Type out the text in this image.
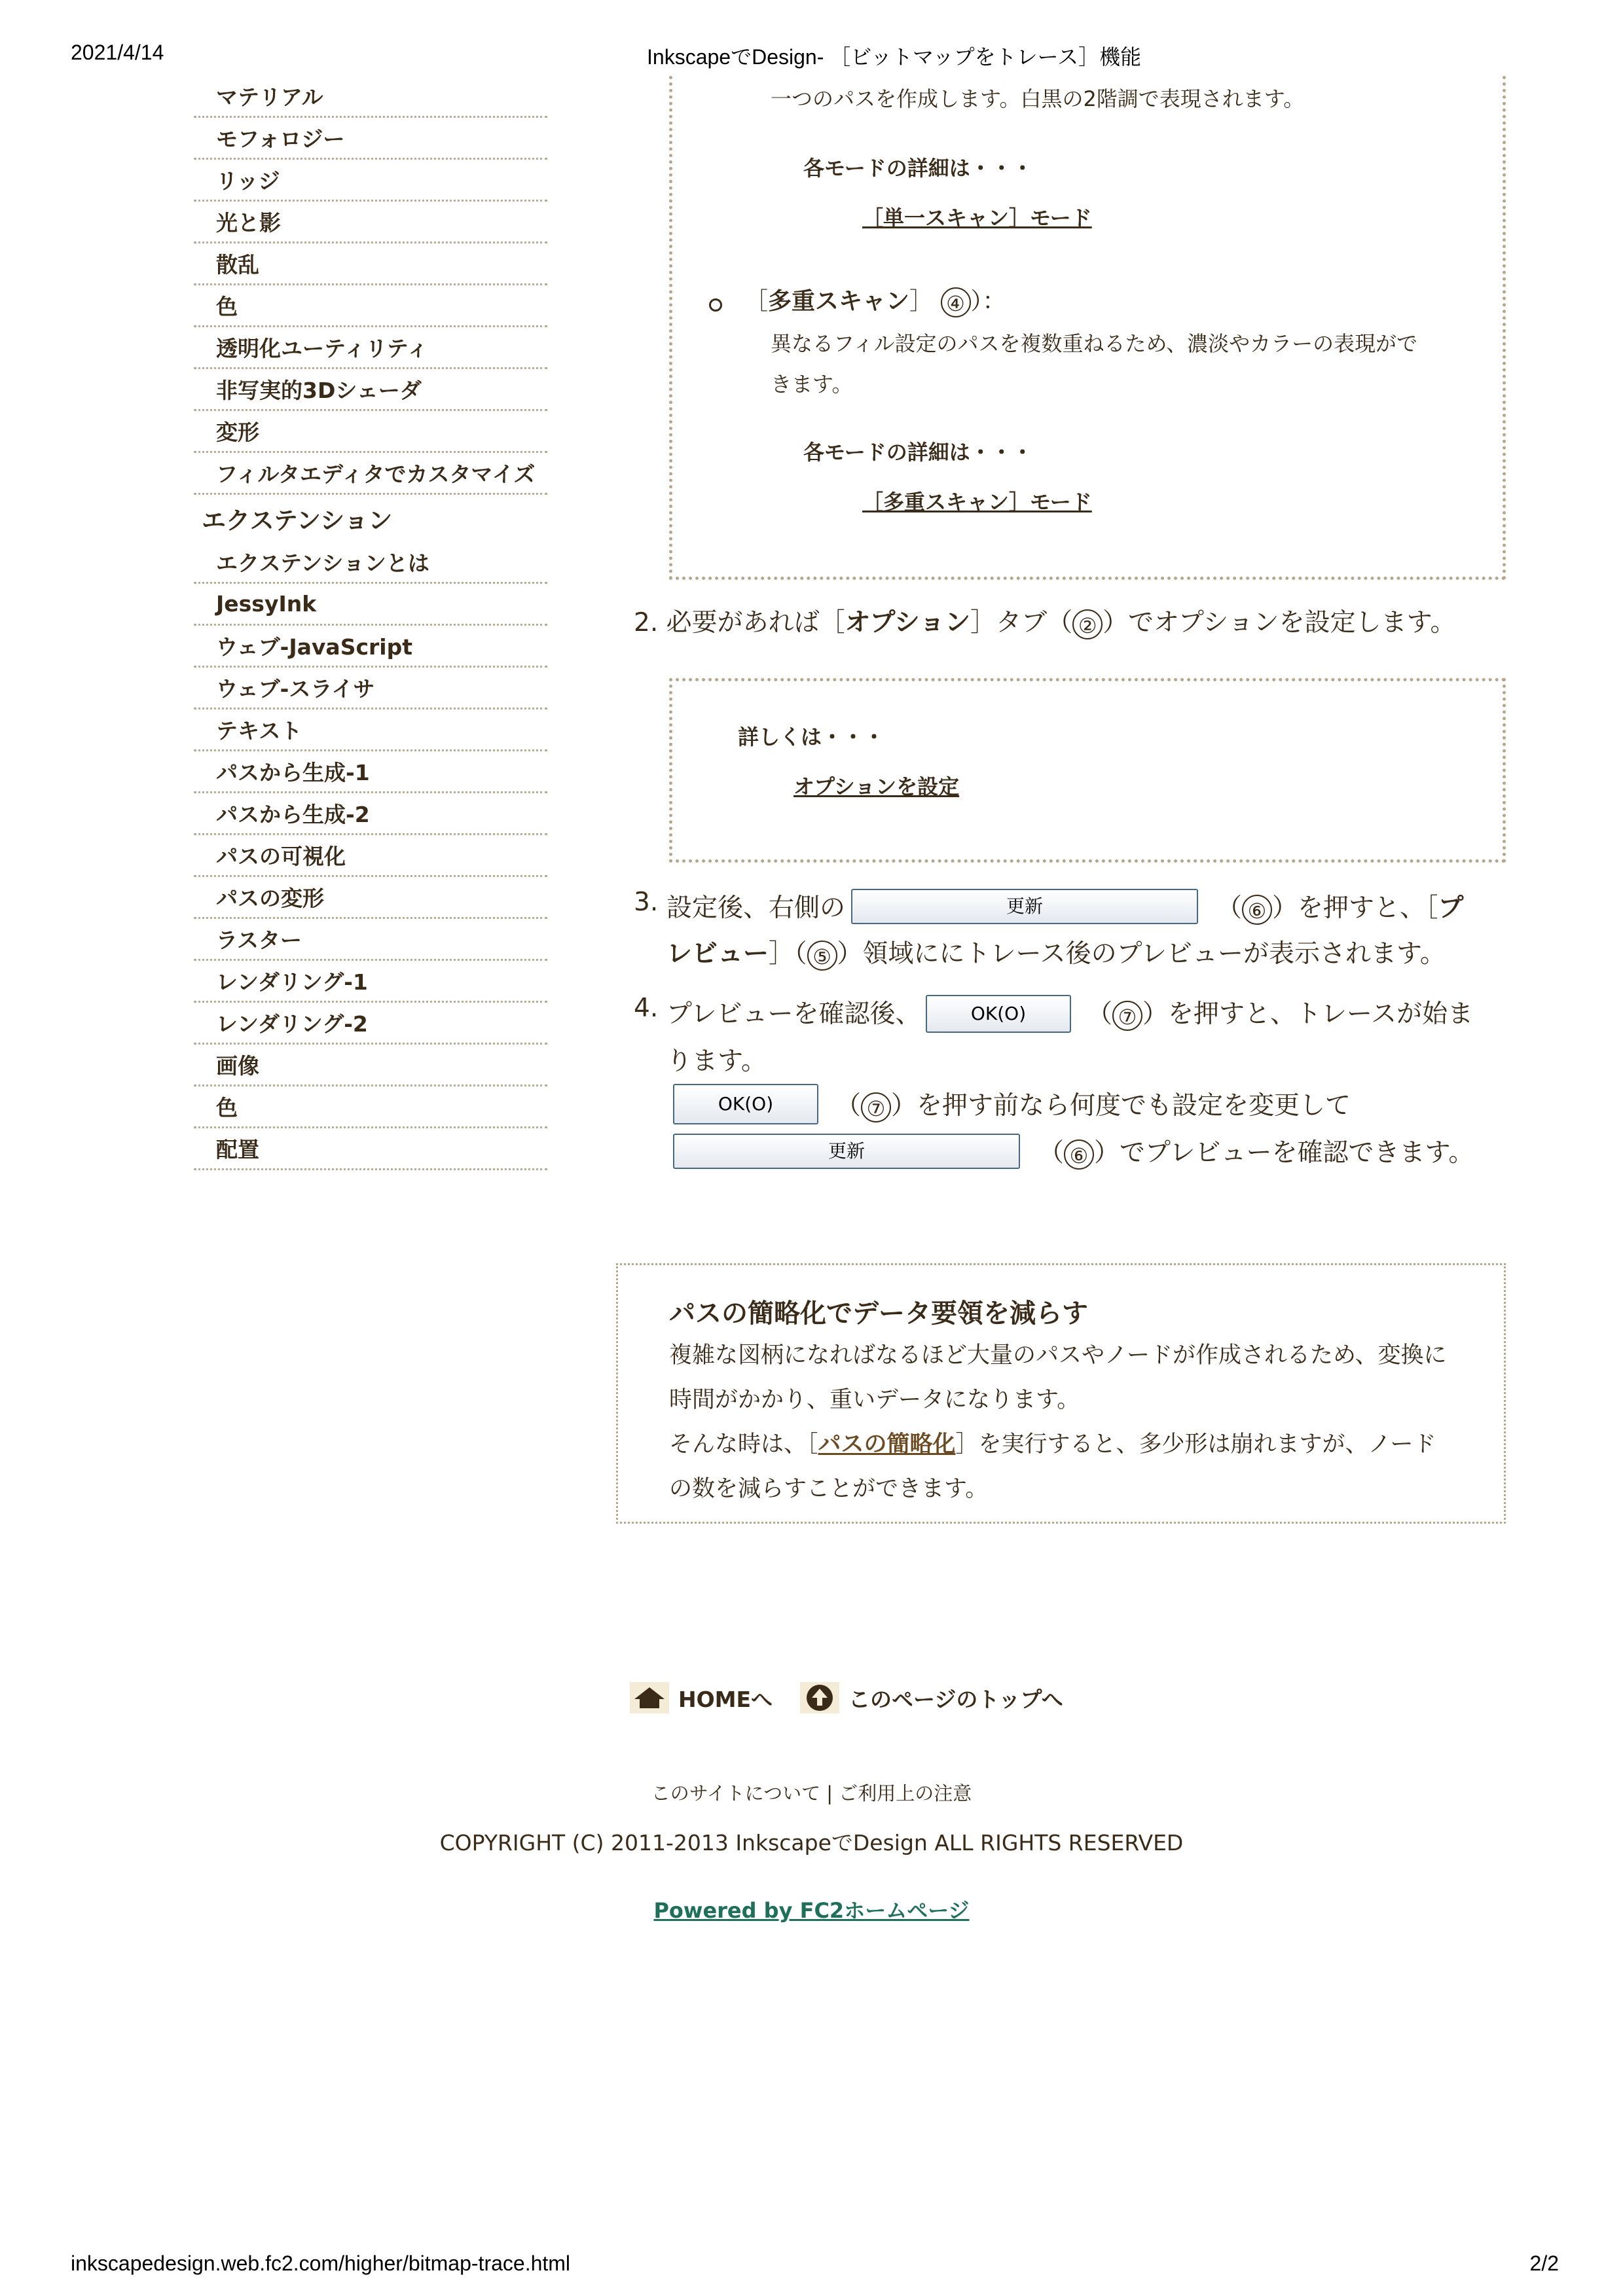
2021/4/14	InkscapeでDesign- ［ビットマップをトレース］機能
inkscapedesign.web.fc2.com/higher/bitmap-trace.html	2/2
マテリアル
モフォロジー
リッジ
光と影
散乱
色
透明化ユーティリティ
非写実的3Dシェーダ
変形
フィルタエディタでカスタマイズ
エクステンション
エクステンションとは
JessyInk
ウェブ-JavaScript
ウェブ-スライサ
テキスト
パスから生成-1
パスから生成-2
パスの可視化
パスの変形
ラスター
レンダリング-1
レンダリング-2
画像
色
配置
一つのパスを作成します。白黒の2階調で表現されます。
各モードの詳細は・・・
［単一スキャン］モード
［多重スキャン］ ④ ）：
異なるフィル設定のパスを複数重ねるため、濃淡やカラーの表現がで
きます。
各モードの詳細は・・・
［多重スキャン］モード
2. 必要があれば［オプション］タブ（ ② ）でオプションを設定します。
詳しくは・・・
オプションを設定
3. 設定後、右側の	更新	（ ⑥ ）を押すと、［プ
レビュー］（ ⑤ ）領域ににトレース後のプレビューが表示されます。
4. プレビューを確認後、	OK(O)	（ ⑦ ）を押すと、トレースが始ま
ります。
OK(O)	（ ⑦ ）を押す前なら何度でも設定を変更して
更新	（ ⑥ ）でプレビューを確認できます。
パスの簡略化でデータ要領を減らす
複雑な図柄になればなるほど大量のパスやノードが作成されるため、変換に
時間がかかり、重いデータになります。
そんな時は、［パスの簡略化］を実行すると、多少形は崩れますが、ノード
の数を減らすことができます。
HOMEへ	このページのトップへ
このサイトについて | ご利用上の注意
COPYRIGHT (C) 2011-2013 InkscapeでDesign ALL RIGHTS RESERVED
Powered by FC2ホームページ
